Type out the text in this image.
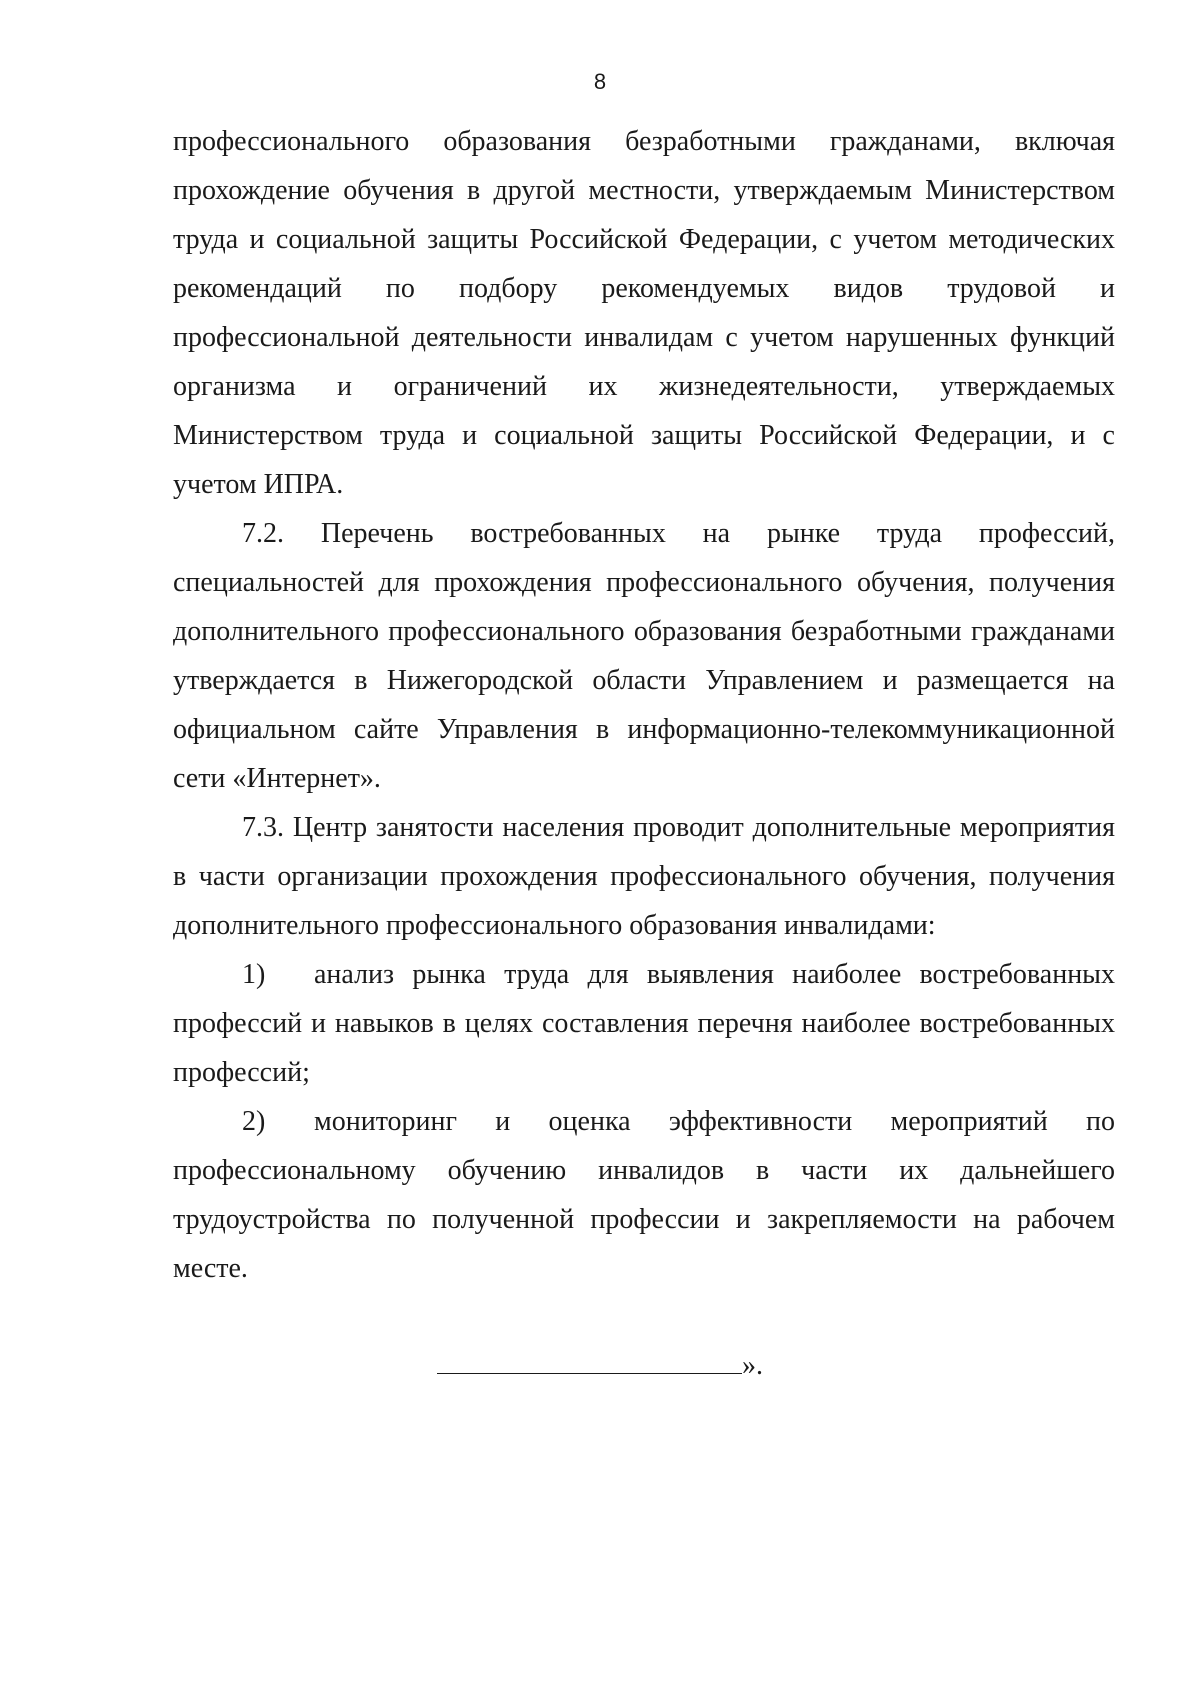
8

профессионального образования безработными гражданами, включая прохождение обучения в другой местности, утверждаемым Министерством труда и социальной защиты Российской Федерации, с учетом методических рекомендаций по подбору рекомендуемых видов трудовой и профессиональной деятельности инвалидам с учетом нарушенных функций организма и ограничений их жизнедеятельности, утверждаемых Министерством труда и социальной защиты Российской Федерации, и с учетом ИПРА.

7.2. Перечень востребованных на рынке труда профессий, специальностей для прохождения профессионального обучения, получения дополнительного профессионального образования безработными гражданами утверждается в Нижегородской области Управлением и размещается на официальном сайте Управления в информационно-телекоммуникационной сети «Интернет».

7.3. Центр занятости населения проводит дополнительные мероприятия в части организации прохождения профессионального обучения, получения дополнительного профессионального образования инвалидами:

1) анализ рынка труда для выявления наиболее востребованных профессий и навыков в целях составления перечня наиболее востребованных профессий;

2) мониторинг и оценка эффективности мероприятий по профессиональному обучению инвалидов в части их дальнейшего трудоустройства по полученной профессии и закрепляемости на рабочем месте.

».
